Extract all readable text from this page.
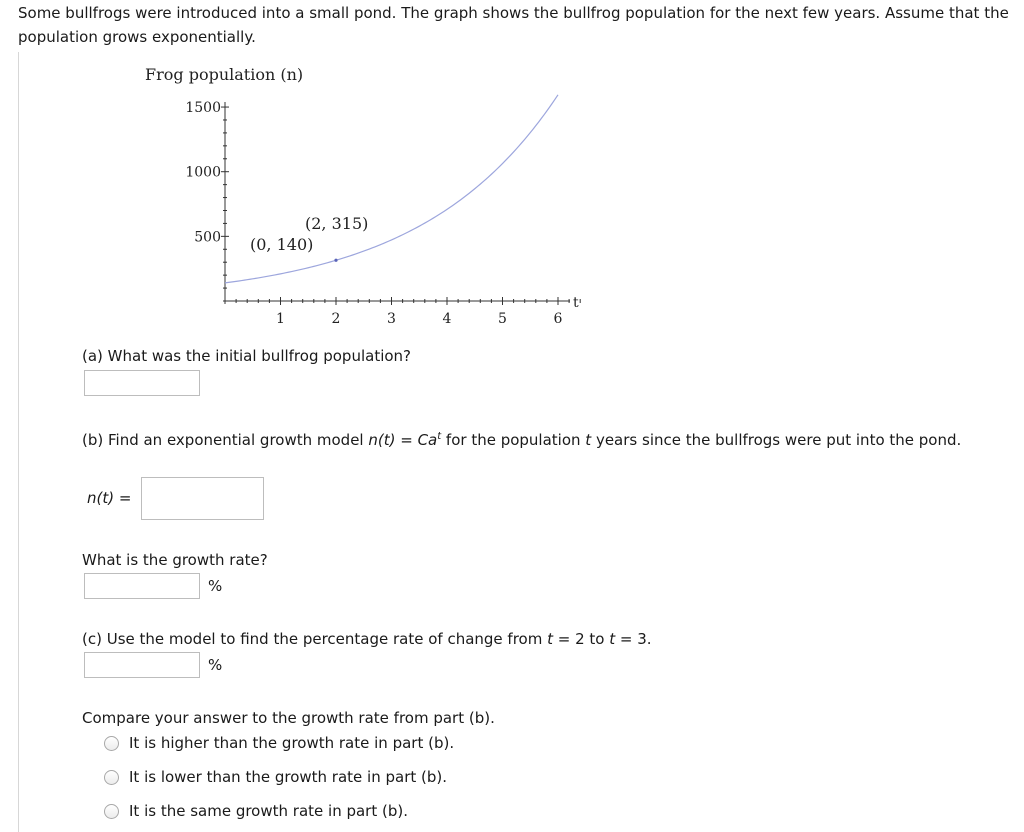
Some bullfrogs were introduced into a small pond. The graph shows the bullfrog population for the next few years. Assume that the population grows exponentially.
Frog population (n)
t
1	2	3	4	5	6
500
1000
1500
(0, 140)
(2, 315)
(a) What was the initial bullfrog population?
(b) Find an exponential growth model $n(t) = Ca^t$ for the population t years since the bullfrogs were put into the pond.
n(t) =
What is the growth rate?
%
(c) Use the model to find the percentage rate of change from t = 2 to t = 3.
%
Compare your answer to the growth rate from part (b).
It is higher than the growth rate in part (b).
It is lower than the growth rate in part (b).
It is the same growth rate in part (b).
